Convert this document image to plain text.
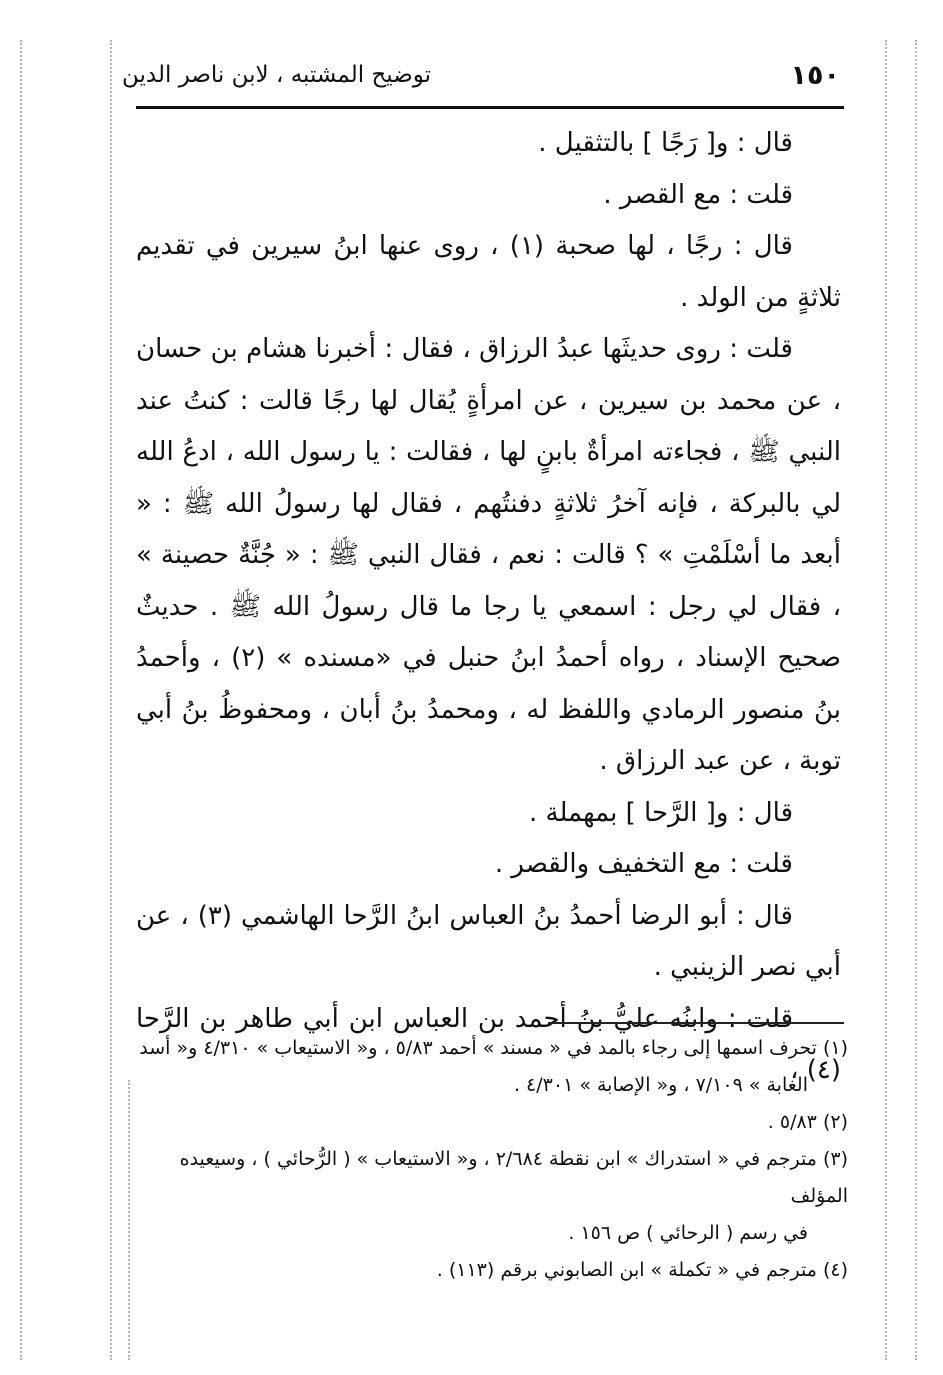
١٥٠
توضيح المشتبه ، لابن ناصر الدين

قال : و[ رَجًا ] بالتثقيل .

قلت : مع القصر .

قال : رجًا ، لها صحبة (١) ، روى عنها ابنُ سيرين في تقديم ثلاثةٍ من الولد .

قلت : روى حديثَها عبدُ الرزاق ، فقال : أخبرنا هشام بن حسان ، عن محمد بن سيرين ، عن امرأةٍ يُقال لها رجًا قالت : كنتُ عند النبي ﷺ ، فجاءته امرأةٌ بابنٍ لها ، فقالت : يا رسول الله ، ادعُ الله لي بالبركة ، فإنه آخرُ ثلاثةٍ دفنتُهم ، فقال لها رسولُ الله ﷺ : « أبعد ما أسْلَمْتِ » ؟ قالت : نعم ، فقال النبي ﷺ : « جُنَّةٌ حصينة » ، فقال لي رجل : اسمعي يا رجا ما قال رسولُ الله ﷺ . حديثٌ صحيح الإسناد ، رواه أحمدُ ابنُ حنبل في «مسنده » (٢) ، وأحمدُ بنُ منصور الرمادي واللفظ له ، ومحمدُ بنُ أبان ، ومحفوظُ بنُ أبي توبة ، عن عبد الرزاق .

قال : و[ الرَّحا ] بمهملة .

قلت : مع التخفيف والقصر .

قال : أبو الرضا أحمدُ بنُ العباس ابنُ الرَّحا الهاشمي (٣) ، عن أبي نصر الزينبي .

قلت : وابنُه عليُّ بنُ أحمد بن العباس ابن أبي طاهر بن الرَّحا (٤) ،

(١) تحرف اسمها إلى رجاء بالمد في « مسند » أحمد ٥/٨٣ ، و« الاستيعاب » ٤/٣١٠ و« أسد

الغابة » ٧/١٠٩ ، و« الإصابة » ٤/٣٠١ .

(٢) ٥/٨٣ .

(٣) مترجم في « استدراك » ابن نقطة ٢/٦٨٤ ، و« الاستيعاب » ( الرُّحائي ) ، وسيعيده المؤلف

في رسم ( الرحائي ) ص ١٥٦ .

(٤) مترجم في « تكملة » ابن الصابوني برقم (١١٣) .
